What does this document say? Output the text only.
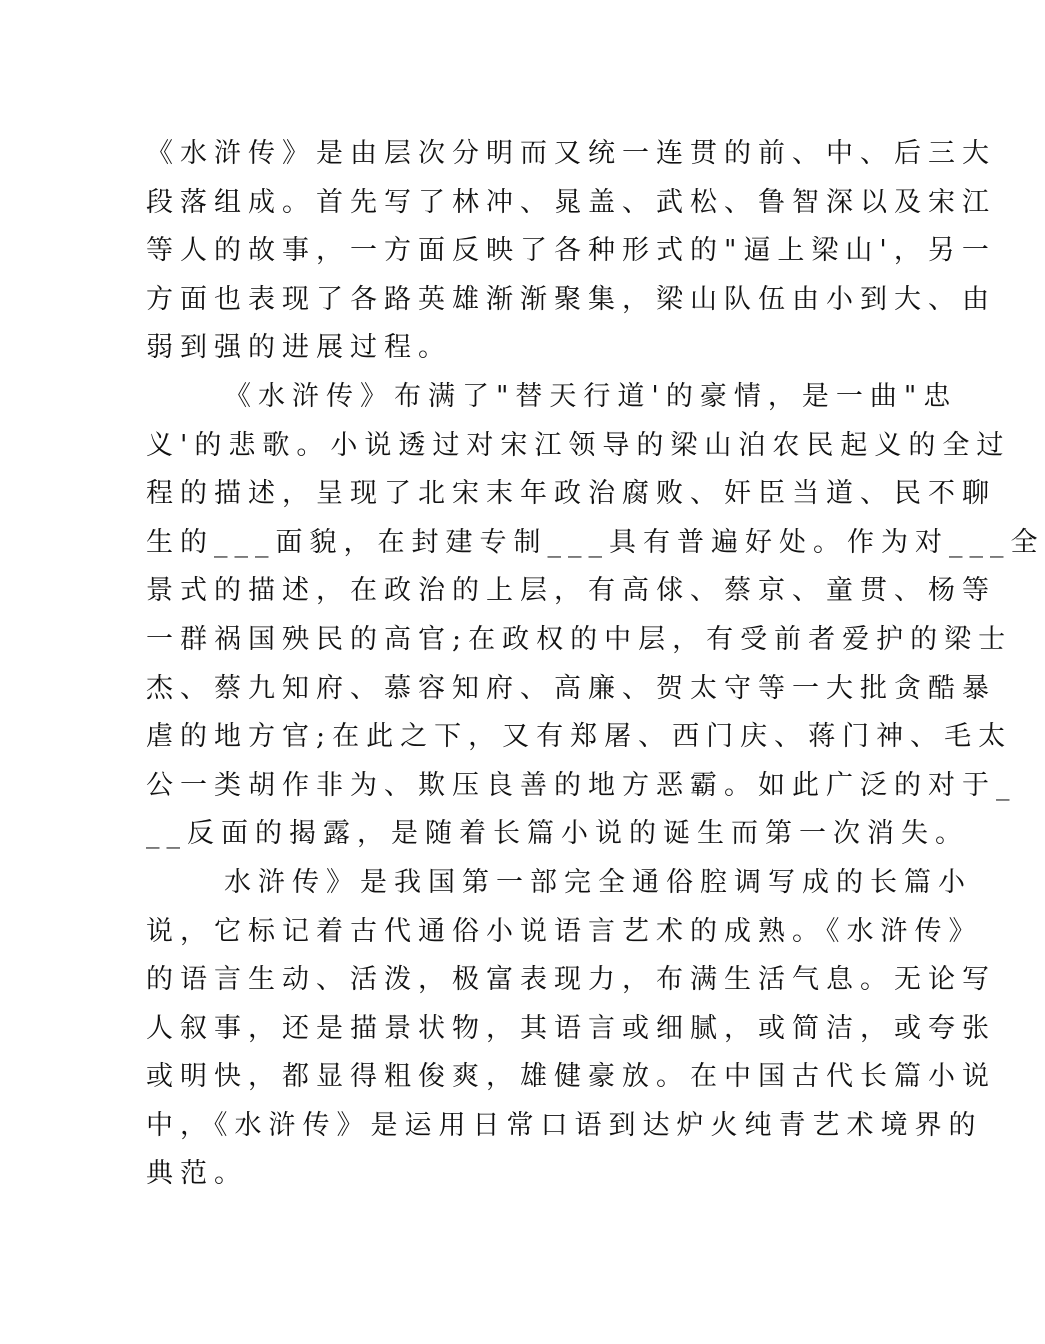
《水浒传》是由层次分明而又统一连贯的前、中、后三大
段落组成。首先写了林冲、晁盖、武松、鲁智深以及宋江
等人的故事，一方面反映了各种形式的"逼上梁山'，另一
方面也表现了各路英雄渐渐聚集，梁山队伍由小到大、由
弱到强的进展过程。

《水浒传》布满了"替天行道'的豪情，是一曲"忠
义'的悲歌。小说透过对宋江领导的梁山泊农民起义的全过
程的描述，呈现了北宋末年政治腐败、奸臣当道、民不聊
生的___面貌，在封建专制___具有普遍好处。作为对___全
景式的描述，在政治的上层，有高俅、蔡京、童贯、杨等
一群祸国殃民的高官;在政权的中层，有受前者爱护的梁士
杰、蔡九知府、慕容知府、高廉、贺太守等一大批贪酷暴
虐的地方官;在此之下，又有郑屠、西门庆、蒋门神、毛太
公一类胡作非为、欺压良善的地方恶霸。如此广泛的对于_
__反面的揭露，是随着长篇小说的诞生而第一次消失。

水浒传》是我国第一部完全通俗腔调写成的长篇小
说，它标记着古代通俗小说语言艺术的成熟。《水浒传》
的语言生动、活泼，极富表现力，布满生活气息。无论写
人叙事，还是描景状物，其语言或细腻，或简洁，或夸张
或明快，都显得粗俊爽，雄健豪放。在中国古代长篇小说
中，《水浒传》是运用日常口语到达炉火纯青艺术境界的
典范。
